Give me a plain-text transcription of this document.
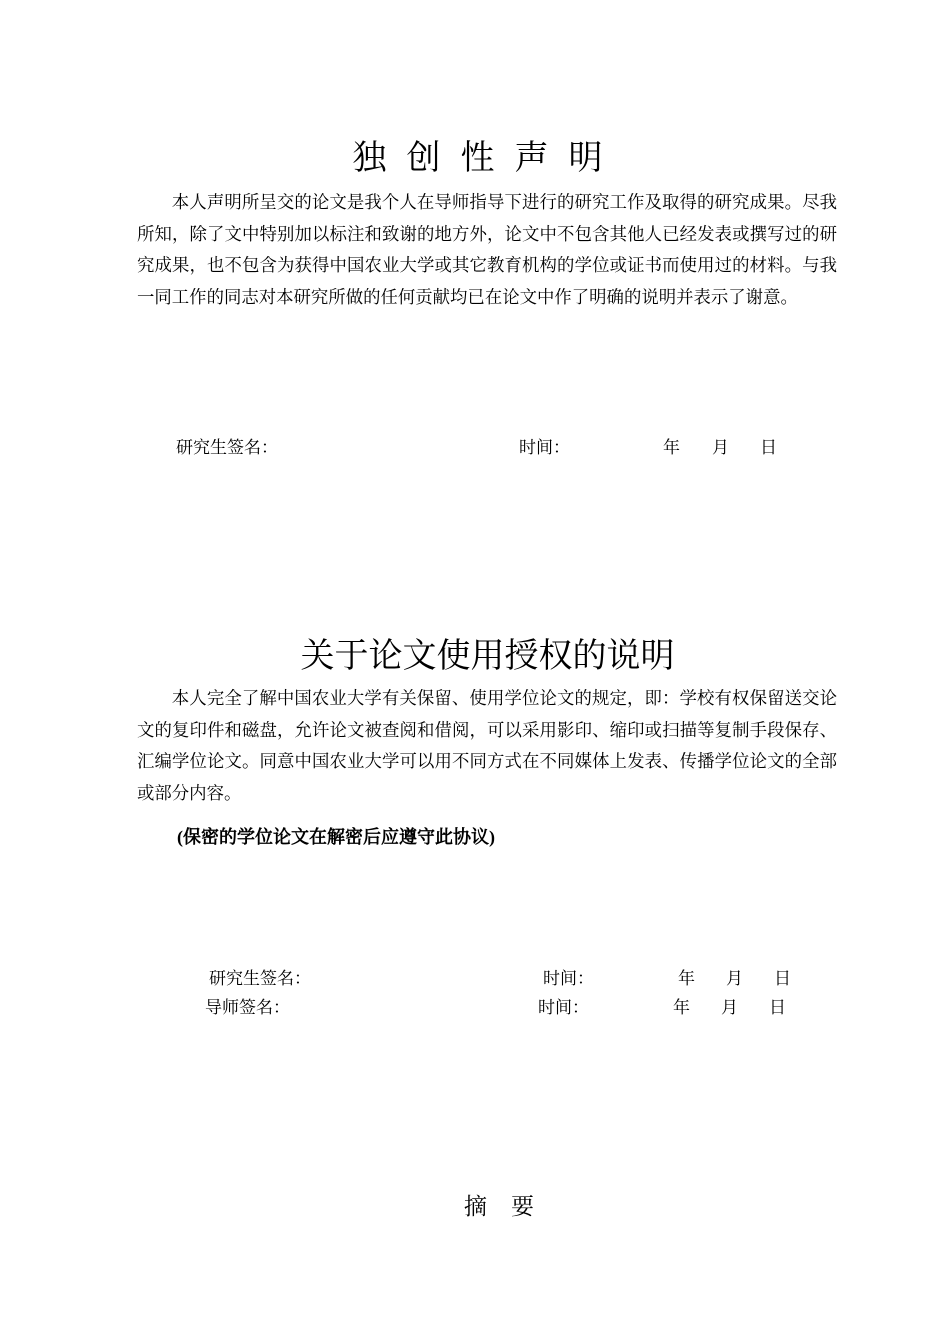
独创性声明
本人声明所呈交的论文是我个人在导师指导下进行的研究工作及取得的研究成果。尽我所知，除了文中特别加以标注和致谢的地方外，论文中不包含其他人已经发表或撰写过的研究成果，也不包含为获得中国农业大学或其它教育机构的学位或证书而使用过的材料。与我一同工作的同志对本研究所做的任何贡献均已在论文中作了明确的说明并表示了谢意。
研究生签名：	时间：	年 月 日
关于论文使用授权的说明
本人完全了解中国农业大学有关保留、使用学位论文的规定，即：学校有权保留送交论文的复印件和磁盘，允许论文被查阅和借阅，可以采用影印、缩印或扫描等复制手段保存、汇编学位论文。同意中国农业大学可以用不同方式在不同媒体上发表、传播学位论文的全部或部分内容。
(保密的学位论文在解密后应遵守此协议)
研究生签名：	时间：	年 月 日
导师签名：	时间：	年 月 日
摘要
